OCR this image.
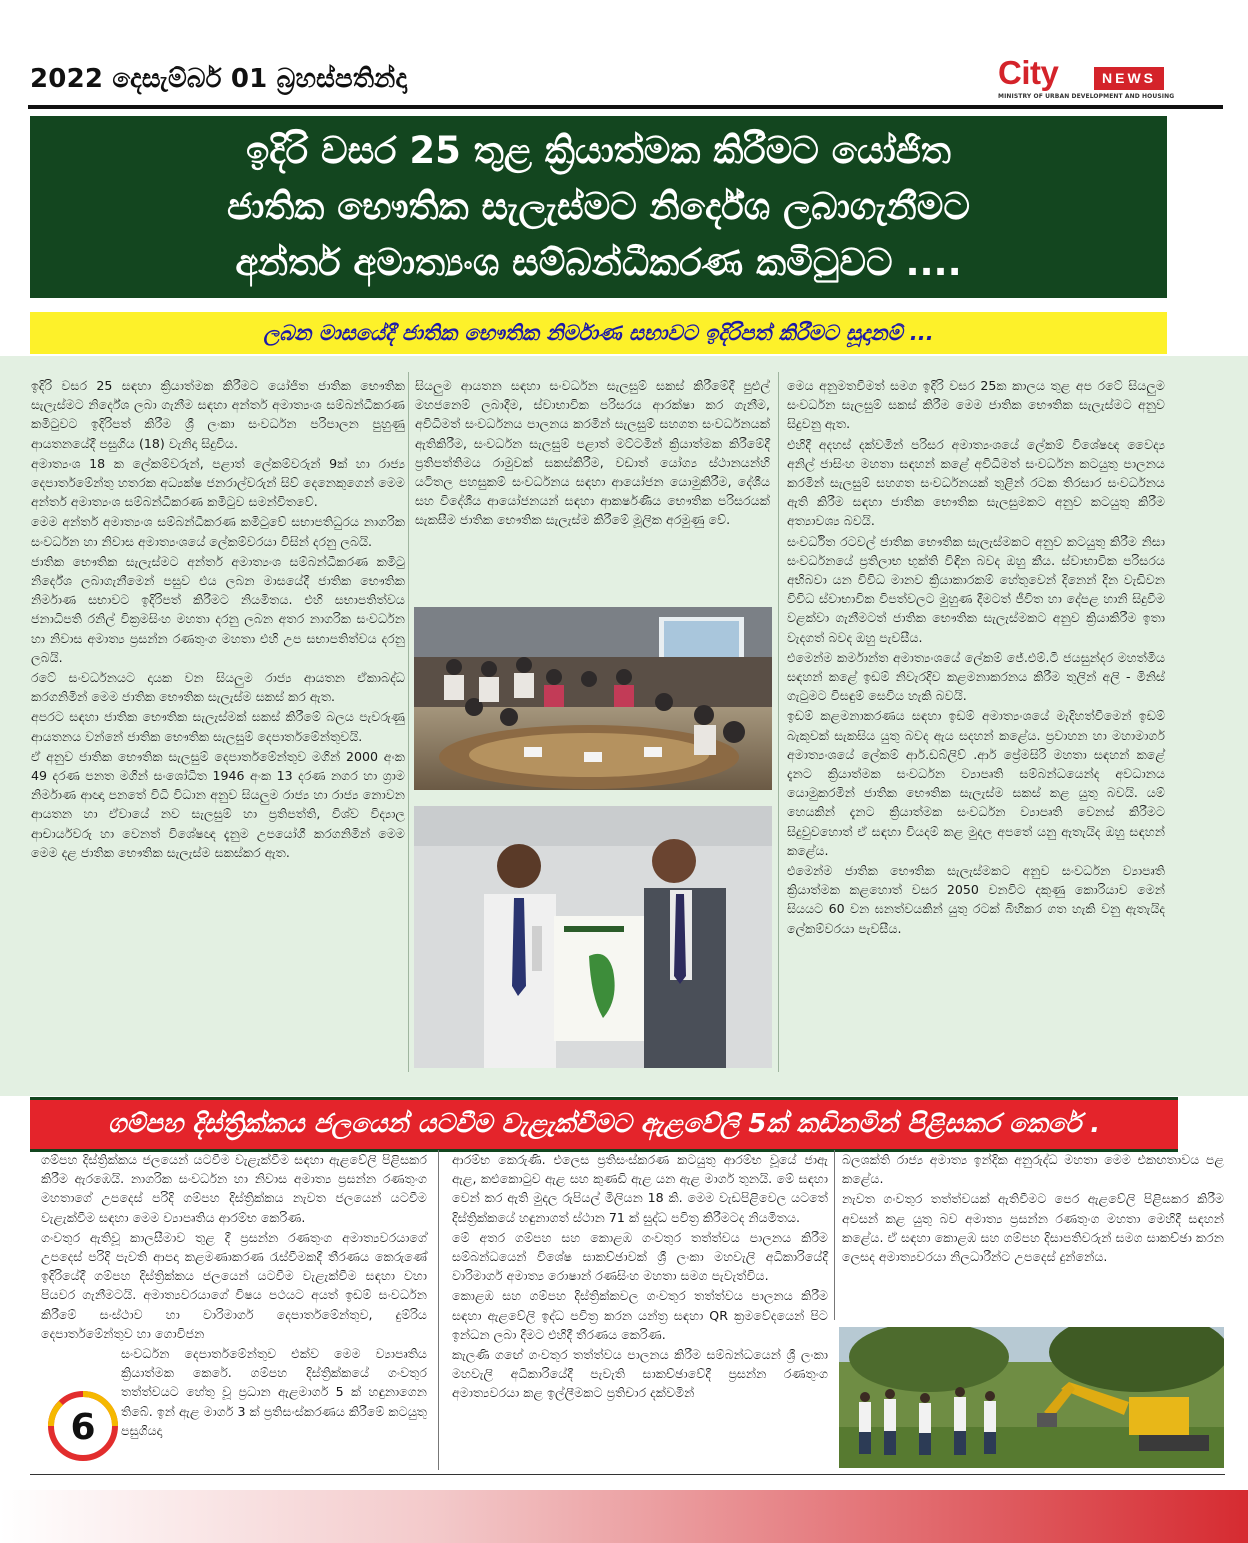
2022 දෙසැම්බර් 01 බ්‍රහස්පතින්දා	City	NEWS
MINISTRY OF URBAN DEVELOPMENT AND HOUSING
ඉදිරි වසර 25 තුළ ක්‍රියාත්මක කිරීමට යෝජිත
ජාතික භෞතික සැලැස්මට නිර්දේශ ලබාගැනීමට
අන්තර් අමාත්‍යංශ සම්බන්ධීකරණ කමිටුවට ....
ලබන මාසයේදී ජාතික භෞතික නිර්මාණ සභාවට ඉදිරිපත් කිරීමට සූදානම් ...

ඉදිරි වසර 25 සඳහා ක්‍රියාත්මක කිරීමට යෝජිත ජාතික භෞතික සැලැස්මට නිර්දේශ ලබා ගැනීම සඳහා අන්තර් අමාත්‍යංශ සම්බන්ධීකරණ කමිටුවට ඉදිරිපත් කිරීම ශ්‍රී ලංකා සංවර්ධන පරිපාලන පුහුණු ආයතනයේදී පසුගිය (18) වැනිදා සිදුවිය.

අමාත්‍යංශ 18 ක ලේකම්වරුන්, පළාත් ලේකම්වරුන් 9ක් හා රාජ්‍ය දෙපාර්තමේන්තු හතරක අධ්‍යක්ෂ ජනරාල්වරුන් සිව් දෙනෙකුගෙන් මෙම අන්තර් අමාත්‍යංශ සම්බන්ධීකරණ කමිටුව සමන්විතවේ.

මෙම අන්තර් අමාත්‍යංශ සම්බන්ධීකරණ කමිටුවේ සභාපතිධුරය නාගරික සංවර්ධන හා නිවාස අමාත්‍යංශයේ ලේකම්වරයා විසින් දරනු ලබයි.

ජාතික භෞතික සැලැස්මට අන්තර් අමාත්‍යංශ සම්බන්ධීකරණ කමිටු නිර්දේශ ලබාගැනීමෙන් පසුව එය ලබන මාසයේදී ජාතික භෞතික නිර්මාණ සභාවට ඉදිරිපත් කිරීමට නියමිතය. එහි සභාපතිත්වය ජනාධිපති රනිල් වික්‍රමසිංහ මහතා දරනු ලබන අතර නාගරික සංවර්ධන හා නිවාස අමාත්‍ය ප්‍රසන්න රණතුංග මහතා එහි උප සභාපතිත්වය දරනු ලබයි.

රටේ සංවර්ධනයට දායක වන සියලුම රාජ්‍ය ආයතන ඒකාබද්ධ කරගනිමින් මෙම ජාතික භෞතික සැලැස්ම සකස් කර ඇත.

අපරට සඳහා ජාතික භෞතික සැලැස්මක් සකස් කිරීමේ බලය පැවරුණු ආයතනය වන්නේ ජාතික භෞතික සැලසුම් දෙපාර්තමේන්තුවයි.

ඒ අනුව ජාතික භෞතික සැලසුම් දෙපාර්තමේන්තුව මගින් 2000 අංක 49 දරණ පනත මගින් සංශෝධිත 1946 අංක 13 දරණ නගර හා ග්‍රාම නිර්මාණ ආඥා පනතේ විධි විධාන අනුව සියලුම රාජ්‍ය හා රාජ්‍ය නොවන ආයතන හා ඒවායේ නව සැලසුම් හා ප්‍රතිපත්ති, විශ්ව විද්‍යාල ආචාර්යවරු හා වෙනත් විශේෂඥ දැනුම උපයෝගී කරගනිමින් මෙම මෙම දළ ජාතික භෞතික සැලැස්ම සකස්කර ඇත.

සියලුම ආයතන සඳහා සංවර්ධන සැලසුම් සකස් කිරීමේදී පුළුල් මහජනෙම් ලබාදීම, ස්වාභාවික පරිසරය ආරක්ෂා කර ගැනීම, අවිධිමත් සංවර්ධනය පාලනය කරමින් සැලසුම් සහගත සංවර්ධනයක් ඇතිකිරීම, සංවර්ධන සැලසුම් පළාත් මට්ටමින් ක්‍රියාත්මක කිරීමේදී ප්‍රතිපත්තිමය රාමුවක් සකස්කිරීම, වඩාත් යෝග්‍ය ස්ථානයන්හි යටිතල පහසුකම් සංවර්ධනය සඳහා ආයෝජන යොමුකිරීම, දේශීය සහ විදේශීය ආයෝජනයන් සඳහා ආකර්ෂණීය භෞතික පරිසරයක් සැකසීම ජාතික භෞතික සැලැස්ම කිරීමේ මූලික අරමුණු වේ.

මෙය අනුමතවීමත් සමග ඉදිරි වසර 25ක කාලය තුළ අප රටේ සියලුම සංවර්ධන සැලසුම් සකස් කිරීම මෙම ජාතික භෞතික සැලැස්මට අනුව සිදුවනු ඇත.

එහිදී අදහස් දක්වමින් පරිසර අමාත්‍යංශයේ ලේකම් විශේෂඥ වෛද්‍ය අනිල් ජාසිංහ මහතා සඳහන් කළේ අවිධිමත් සංවර්ධන කටයුතු පාලනය කරමින් සැලසුම් සහගත සංවර්ධනයක් තුළින් රටක තිරසාර සංවර්ධනය ඇති කිරීම සඳහා ජාතික භෞතික සැලසුමකට අනුව කටයුතු කිරීම අත්‍යාවශ්‍ය බවයි.

සංවර්ධිත රටවල් ජාතික භෞතික සැලැස්මකට අනුව කටයුතු කිරීම නිසා සංවර්ධනයේ ප්‍රතිලාභ භුක්ති විඳින බවද ඔහු කීය. ස්වාභාවික පරිසරය අභිබවා යන විවිධ මානව ක්‍රියාකාරකම් හේතුවෙන් දිනෙන් දින වැඩිවන විවිධ ස්වාභාවික විපත්වලට මුහුණ දීමටත් ජීවිත හා දේපළ හානි සිදුවීම වළක්වා ගැනීමටත් ජාතික භෞතික සැලැස්මකට අනුව ක්‍රියාකිරීම ඉතා වැදගත් බවද ඔහු පැවසීය.

එමෙන්ම කර්මාන්ත අමාත්‍යංශයේ ලේකම් ජේ.එම්.ටී ජයසුන්දර මහත්මිය සඳහන් කළේ ඉඩම් නිවැරදිව කළමනාකරනය කිරීම තුලින් අලි - මිනිස් ගැටුමට විසඳුම් සෙවිය හැකි බවයි.

ඉඩම් කළමනාකරණය සඳහා ඉඩම් අමාත්‍යංශයේ මැදිහත්වීමෙන් ඉඩම් බැකුවක් සැකසිය යුතු බවද ඇය සදහන් කළේය. ප්‍රවාහන හා මහාමාර්ග අමාත්‍යංශයේ ලේකම් ආර්.ඩබ්ලිව් .ආර් ප්‍රේමසිරි මහතා සඳහන් කළේ දැනට ක්‍රියාත්මක සංවර්ධන ව්‍යාපෘති සම්බන්ධයෙන්ද අවධානය යොමුකරමින් ජාතික භෞතික සැලැස්ම සකස් කළ යුතු බවයි. යම් හෙයකින් දැනට ක්‍රියාත්මක සංවර්ධන ව්‍යාපෘති වෙනස් කිරීමට සිදුවුවහොත් ඒ සඳහා වියදම් කළ මුදල අපතේ යනු ඇතැයිද ඔහු සඳහන් කළේය.

එමෙන්ම ජාතික භෞතික සැලැස්මකට අනුව සංවර්ධන ව්‍යාපෘති ක්‍රියාත්මක කළහොත් වසර 2050 වනවිට දකුණු කොරියාව මෙන් සියයට 60 වන ඝනත්වයකින් යුතු රටක් බිහිකර ගත හැකි වනු ඇතැයිද ලේකම්වරයා පැවසීය.

ගම්පහ දිස්ත්‍රික්කය ජලයෙන් යටවීම වැළැක්වීමට ඇළවේලි 5ක් කඩිනමින් පිළිසකර කෙරේ .

ගම්පහ දිස්ත්‍රික්කය ජලයෙන් යටවීම වැළැක්වීම සඳහා ඇළවේලි පිළිසකර කිරීම ඇරඹෙයි. නාගරික සංවර්ධන හා නිවාස අමාත්‍ය ප්‍රසන්න රණතුංග මහතාගේ උපදෙස් පරිදි ගම්පහ දිස්ත්‍රික්කය නැවත ජලයෙන් යටවීම වැළැක්වීම සඳහා මෙම ව්‍යාපෘතිය ආරම්භ කෙරිණ.

ගංවතුර ඇතිවූ කාලසීමාව තුළ දී ප්‍රසන්න රණතුංග අමාත්‍යවරයාගේ උපදෙස් පරිදි පැවති ආපදා කළමණාකරණ රැස්වීමකදී තීරණය කෙරුණේ ඉදිරියේදී ගම්පහ දිස්ත්‍රික්කය ජලයෙන් යටවීම වැළැක්වීම සඳහා වහා පියවර ගැනීමටයි. අමාත්‍යවරයාගේ විෂය පථයට අයත් ඉඩම් සංවර්ධන කිරීමේ සංස්ථාව හා වාරිමාර්ග දෙපාර්තමේන්තුව, දුම්රිය දෙපාර්තමේන්තුව හා ගොවිජන

සංවර්ධන දෙපාර්තමේන්තුව එක්ව මෙම ව්‍යාපෘතිය ක්‍රියාත්මක කෙරේ. ගම්පහ දිස්ත්‍රික්කයේ ගංවතුර තත්ත්වයට හේතු වූ ප්‍රධාන ඇළමාර්ග 5 ක් හඳුනාගෙන තිබේ. ඉන් ඇළ මාර්ග 3 ක් ප්‍රතිසංස්කරණය කිරීමේ කටයුතු පසුගියදා

ආරම්භ කෙරුණි. එලෙස ප්‍රතිසංස්කරණ කටයුතු ආරම්භ වූයේ ජාඇ ඇළ, කළුකොටුව ඇළ සහ කුණඩි ඇළ යන ඇළ මාර්ග තුනයි. මේ සඳහා වෙන් කර ඇති මුදල රුපියල් මිලියන 18 කි. මෙම වැඩපිළිවෙල යටතේ දිස්ත්‍රික්කයේ හඳුනාගත් ස්ථාන 71 ක් සුද්ධ පවිත්‍ර කිරීමටද නියමිතය.

මේ අතර ගම්පහ සහ කොළඹ ගංවතුර තත්ත්වය පාලනය කිරීම සම්බන්ධයෙන් විශේෂ සාකච්ඡාවක් ශ්‍රී ලංකා මහවැලි අධිකාරියේදී වාරිමාර්ග අමාත්‍ය රොෂාන් රණසිංහ මහතා සමග පැවැත්විය.

කොළඹ සහ ගම්පහ දිස්ත්‍රික්කවල ගංවතුර තත්ත්වය පාලනය කිරීම සඳහා ඇළවේලි ඉද්ධ පවිත්‍ර කරන යන්ත්‍ර සඳහා QR ක්‍රමවේදයෙන් පිට ඉන්ධන ලබා දීමට එහිදී තීරණය කෙරිණ.

කැලණි ගඟේ ගංවතුර තත්ත්වය පාලනය කිරීම සම්බන්ධයෙන් ශ්‍රී ලංකා මහවැලි අධිකාරියේදී පැවැති සාකච්ඡාවේදී ප්‍රසන්න රණතුංග අමාත්‍යවරයා කළ ඉල්ලීමකට ප්‍රතිචාර දක්වමින්

බලශක්ති රාජ්‍ය අමාත්‍ය ඉන්දික අනුරුද්ධ මහතා මෙම එකඟතාවය පළ කළේය.

නැවත ගංවතුර තත්ත්වයක් ඇතිවීමට පෙර ඇළවේලි පිළිසකර කිරීම අවසන් කළ යුතු බව අමාත්‍ය ප්‍රසන්න රණතුංග මහතා මෙහිදී සඳහන් කළේය. ඒ සඳහා කොළඹ සහ ගම්පහ දිසාපතිවරුන් සමග සාකච්ඡා කරන ලෙසද අමාත්‍යවරයා නිලධාරීන්ට උපදෙස් දුන්නේය.

6
